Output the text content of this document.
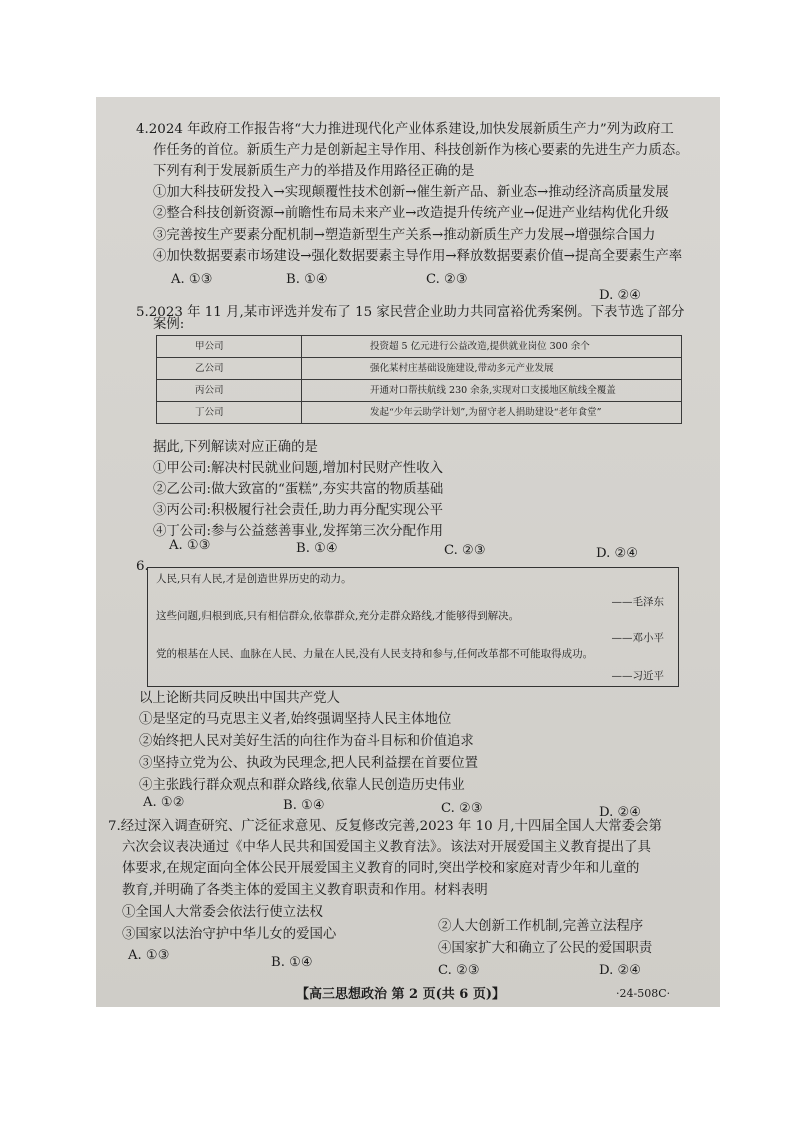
4.2024 年政府工作报告将“大力推进现代化产业体系建设,加快发展新质生产力”列为政府工
作任务的首位。新质生产力是创新起主导作用、科技创新作为核心要素的先进生产力质态。
下列有利于发展新质生产力的举措及作用路径正确的是
①加大科技研发投入→实现颠覆性技术创新→催生新产品、新业态→推动经济高质量发展
②整合科技创新资源→前瞻性布局未来产业→改造提升传统产业→促进产业结构优化升级
③完善按生产要素分配机制→塑造新型生产关系→推动新质生产力发展→增强综合国力
④加快数据要素市场建设→强化数据要素主导作用→释放数据要素价值→提高全要素生产率
A. ①③	B. ①④	C. ②③
D. ②④
5.2023 年 11 月,某市评选并发布了 15 家民营企业助力共同富裕优秀案例。下表节选了部分
案例:
甲公司	投资超 5 亿元进行公益改造,提供就业岗位 300 余个
乙公司	强化某村庄基础设施建设,带动多元产业发展
丙公司	开通对口帮扶航线 230 余条,实现对口支援地区航线全覆盖
丁公司	发起“少年云助学计划”,为留守老人捐助建设“老年食堂”
据此,下列解读对应正确的是
①甲公司:解决村民就业问题,增加村民财产性收入
②乙公司:做大致富的“蛋糕”,夯实共富的物质基础
③丙公司:积极履行社会责任,助力再分配实现公平
④丁公司:参与公益慈善事业,发挥第三次分配作用
A. ①③	B. ①④	C. ②③	D. ②④
6.
人民,只有人民,才是创造世界历史的动力。
——毛泽东
这些问题,归根到底,只有相信群众,依靠群众,充分走群众路线,才能够得到解决。
——邓小平
党的根基在人民、血脉在人民、力量在人民,没有人民支持和参与,任何改革都不可能取得成功。
——习近平
以上论断共同反映出中国共产党人
①是坚定的马克思主义者,始终强调坚持人民主体地位
②始终把人民对美好生活的向往作为奋斗目标和价值追求
③坚持立党为公、执政为民理念,把人民利益摆在首要位置
④主张践行群众观点和群众路线,依靠人民创造历史伟业
A. ①②	B. ①④	C. ②③	D. ②④
7.经过深入调查研究、广泛征求意见、反复修改完善,2023 年 10 月,十四届全国人大常委会第
六次会议表决通过《中华人民共和国爱国主义教育法》。该法对开展爱国主义教育提出了具
体要求,在规定面向全体公民开展爱国主义教育的同时,突出学校和家庭对青少年和儿童的
教育,并明确了各类主体的爱国主义教育职责和作用。材料表明
①全国人大常委会依法行使立法权
②人大创新工作机制,完善立法程序
③国家以法治守护中华儿女的爱国心
④国家扩大和确立了公民的爱国职责
A. ①③	B. ①④
C. ②③	D. ②④
【高三思想政治 第 2 页(共 6 页)】	·24-508C·
